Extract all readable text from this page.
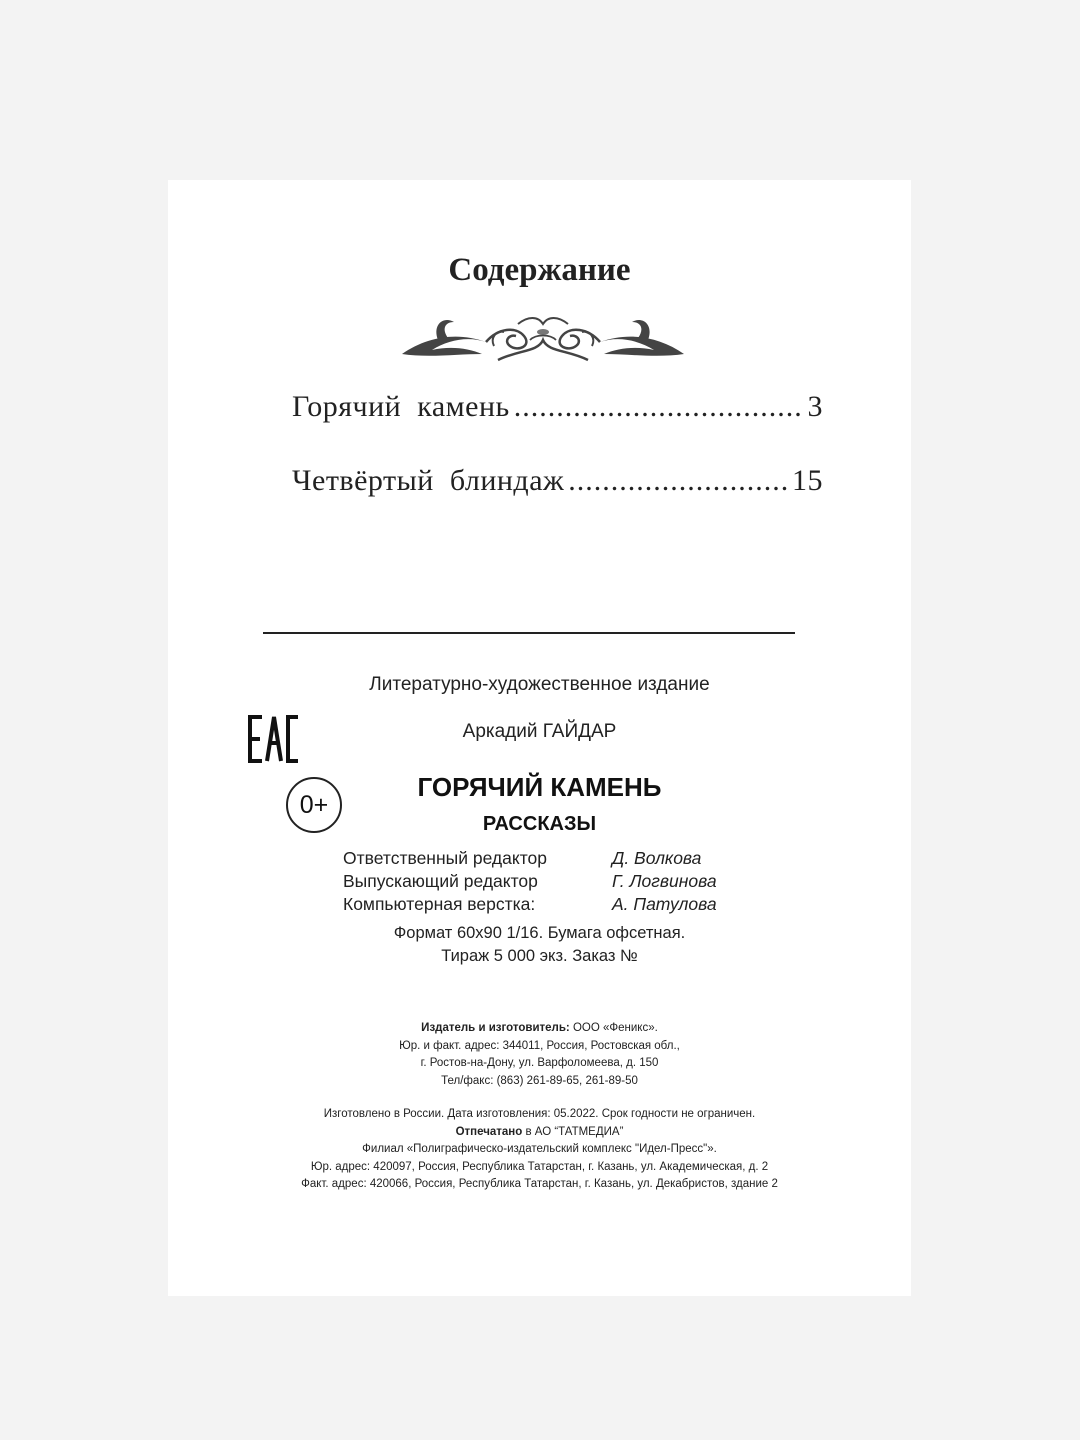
Содержание
Горячий  камень .....	3
Четвёртый  блиндаж .....	15
Литературно-художественное издание
Аркадий ГАЙДАР
0+
ГОРЯЧИЙ КАМЕНЬ
РАССКАЗЫ
Ответственный редактор	Д. Волкова
Выпускающий редактор	Г. Логвинова
Компьютерная верстка:	А. Патулова
Формат 60x90 1/16. Бумага офсетная.
Тираж 5 000 экз. Заказ №
Издатель и изготовитель: ООО «Феникс».
Юр. и факт. адрес: 344011, Россия, Ростовская обл.,
г. Ростов-на-Дону, ул. Варфоломеева, д. 150
Тел/факс: (863) 261-89-65, 261-89-50
Изготовлено в России. Дата изготовления: 05.2022. Срок годности не ограничен.
Отпечатано в АО “ТАТМЕДИА”
Филиал «Полиграфическо-издательский комплекс "Идел-Пресс"».
Юр. адрес: 420097, Россия, Республика Татарстан, г. Казань, ул. Академическая, д. 2
Факт. адрес: 420066, Россия, Республика Татарстан, г. Казань, ул. Декабристов, здание 2
